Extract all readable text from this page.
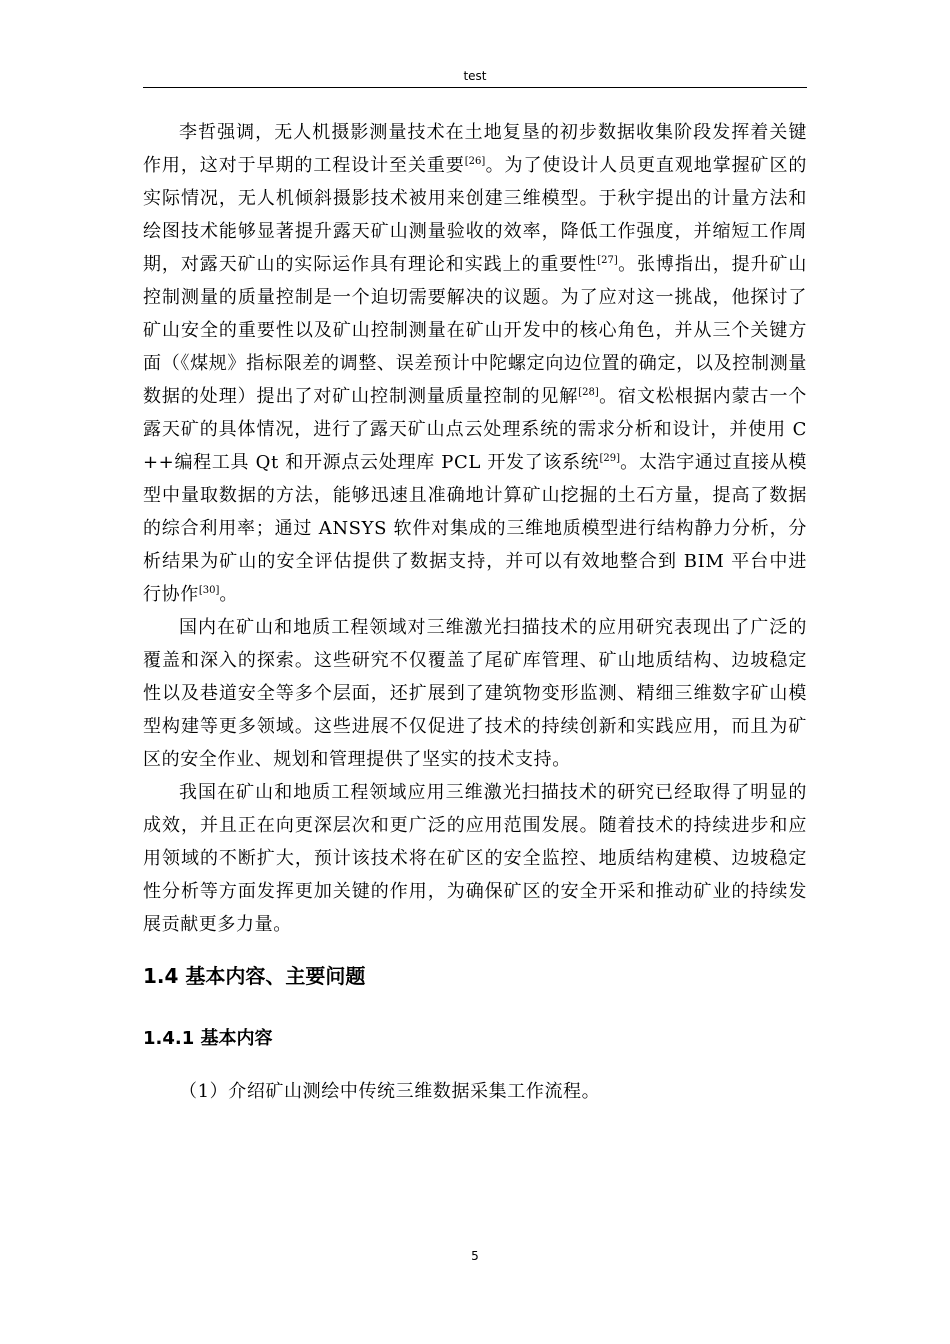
test

李哲强调，无人机摄影测量技术在土地复垦的初步数据收集阶段发挥着关键作用，这对于早期的工程设计至关重要[26]。为了使设计人员更直观地掌握矿区的实际情况，无人机倾斜摄影技术被用来创建三维模型。于秋宇提出的计量方法和绘图技术能够显著提升露天矿山测量验收的效率，降低工作强度，并缩短工作周期，对露天矿山的实际运作具有理论和实践上的重要性[27]。张博指出，提升矿山控制测量的质量控制是一个迫切需要解决的议题。为了应对这一挑战，他探讨了矿山安全的重要性以及矿山控制测量在矿山开发中的核心角色，并从三个关键方面（《煤规》指标限差的调整、误差预计中陀螺定向边位置的确定，以及控制测量数据的处理）提出了对矿山控制测量质量控制的见解[28]。宿文松根据内蒙古一个露天矿的具体情况，进行了露天矿山点云处理系统的需求分析和设计，并使用 C++编程工具 Qt 和开源点云处理库 PCL 开发了该系统[29]。太浩宇通过直接从模型中量取数据的方法，能够迅速且准确地计算矿山挖掘的土石方量，提高了数据的综合利用率；通过 ANSYS 软件对集成的三维地质模型进行结构静力分析，分析结果为矿山的安全评估提供了数据支持，并可以有效地整合到 BIM 平台中进行协作[30]。

国内在矿山和地质工程领域对三维激光扫描技术的应用研究表现出了广泛的覆盖和深入的探索。这些研究不仅覆盖了尾矿库管理、矿山地质结构、边坡稳定性以及巷道安全等多个层面，还扩展到了建筑物变形监测、精细三维数字矿山模型构建等更多领域。这些进展不仅促进了技术的持续创新和实践应用，而且为矿区的安全作业、规划和管理提供了坚实的技术支持。

我国在矿山和地质工程领域应用三维激光扫描技术的研究已经取得了明显的成效，并且正在向更深层次和更广泛的应用范围发展。随着技术的持续进步和应用领域的不断扩大，预计该技术将在矿区的安全监控、地质结构建模、边坡稳定性分析等方面发挥更加关键的作用，为确保矿区的安全开采和推动矿业的持续发展贡献更多力量。

1.4 基本内容、主要问题
1.4.1 基本内容

（1）介绍矿山测绘中传统三维数据采集工作流程。

5
